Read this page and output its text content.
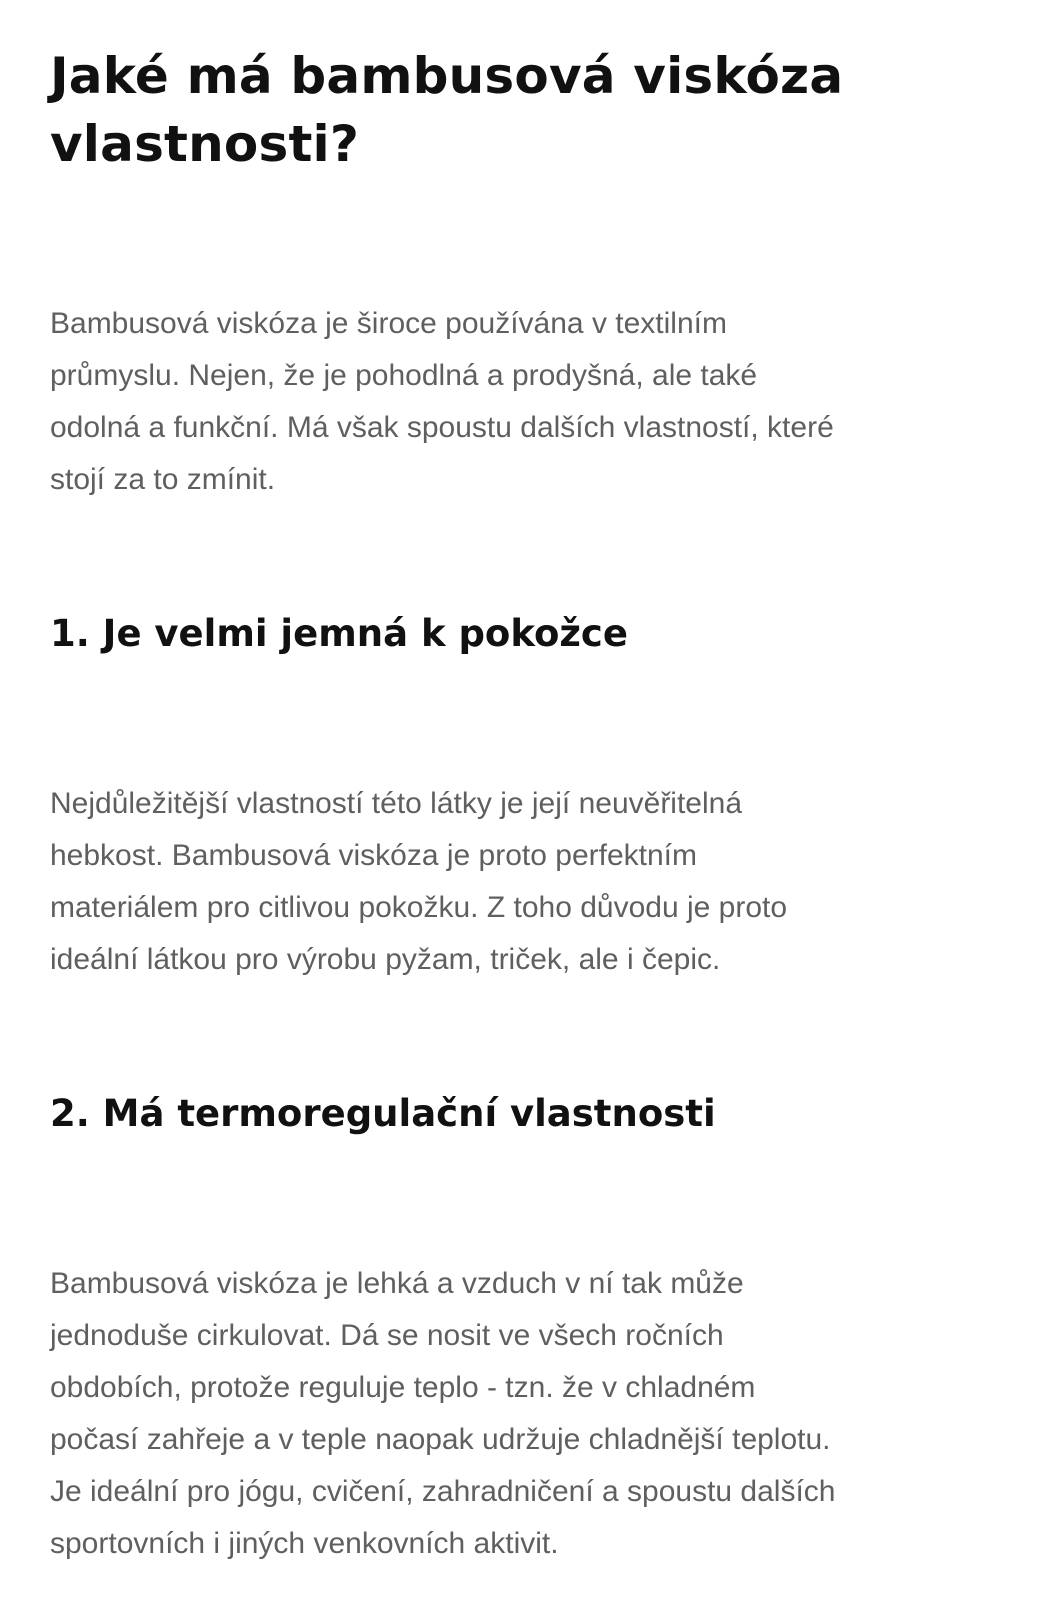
Jaké má bambusová viskóza
vlastnosti?

Bambusová viskóza je široce používána v textilním
průmyslu. Nejen, že je pohodlná a prodyšná, ale také
odolná a funkční. Má však spoustu dalších vlastností, které
stojí za to zmínit.

1. Je velmi jemná k pokožce

Nejdůležitější vlastností této látky je její neuvěřitelná
hebkost. Bambusová viskóza je proto perfektním
materiálem pro citlivou pokožku. Z toho důvodu je proto
ideální látkou pro výrobu pyžam, triček, ale i čepic.

2. Má termoregulační vlastnosti

Bambusová viskóza je lehká a vzduch v ní tak může
jednoduše cirkulovat. Dá se nosit ve všech ročních
obdobích, protože reguluje teplo - tzn. že v chladném
počasí zahřeje a v teple naopak udržuje chladnější teplotu.
Je ideální pro jógu, cvičení, zahradničení a spoustu dalších
sportovních i jiných venkovních aktivit.
